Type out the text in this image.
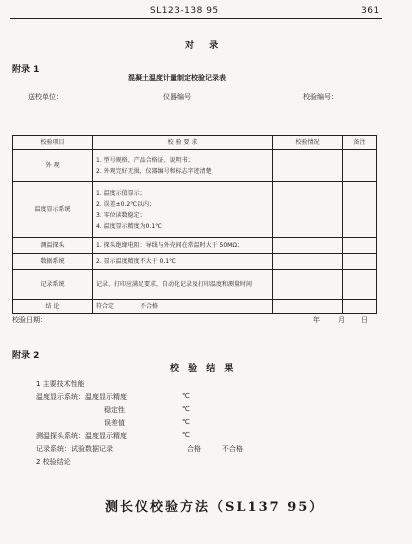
SL123-138 95	361
对 录
附录 1
混凝土温度计量制定校验记录表
送校单位：	仪器编号	校验编号：
校验项目	校 验 要 求	校验情况	备注
外 观	1. 型号规格、产品合格证、说明书；
2. 外观完好无损，仪器编号和标志字迹清楚		

温度显示系统	1. 温度示值显示；
2. 误差±0.2℃以内；
3. 零位读数稳定；
4. 温度显示精度为0.1℃		

测温探头	1. 探头绝缘电阻：导线与外壳间在常温时大于 50MΩ；		

数据系统	2. 显示温度精度不大于 0.1℃		

记录系统	记录、打印应满足要求，自动化记录及打印温度和测量时间		
结 论	符合定 不合格		
校验日期：	年	月 日
附录 2
校 验 结 果
1 主要技术性能
温度显示系统：温度显示精度	℃
稳定性	℃
误差值	℃
测温探头系统：温度显示精度	℃
记录系统：试验数据记录	合格	不合格
2 校验结论
测长仪校验方法（SL137 95）
